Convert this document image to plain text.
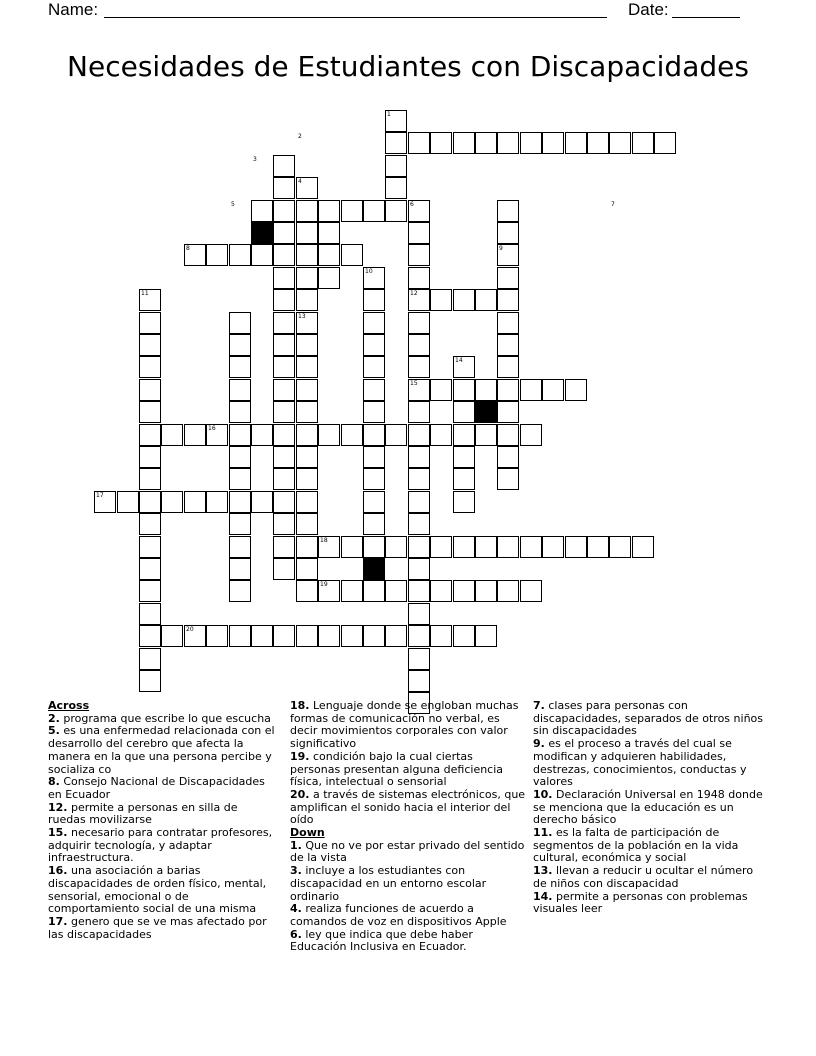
Name:	Date:
Necesidades de Estudiantes con Discapacidades
1
2
3
4
5	6	7
8	9
10
11	12
13
14
15
16
17
18
19
20
Across
2. programa que escribe lo que escucha
5. es una enfermedad relacionada con el desarrollo del cerebro que afecta la manera en la que una persona percibe y socializa co
8. Consejo Nacional de Discapacidades en Ecuador
12. permite a personas en silla de ruedas movilizarse
15. necesario para contratar profesores, adquirir tecnología, y adaptar infraestructura.
16. una asociación a barias discapacidades de orden físico, mental, sensorial, emocional o de comportamiento social de una misma
17. genero que se ve mas afectado por las discapacidades
18. Lenguaje donde se engloban muchas formas de comunicación no verbal, es decir movimientos corporales con valor significativo
19. condición bajo la cual ciertas personas presentan alguna deficiencia física, intelectual o sensorial
20. a través de sistemas electrónicos, que amplifican el sonido hacia el interior del oído
Down
1. Que no ve por estar privado del sentido de la vista
3. incluye a los estudiantes con discapacidad en un entorno escolar ordinario
4. realiza funciones de acuerdo a comandos de voz en dispositivos Apple
6. ley que indica que debe haber Educación Inclusiva en Ecuador.
7. clases para personas con discapacidades, separados de otros niños sin discapacidades
9. es el proceso a través del cual se modifican y adquieren habilidades, destrezas, conocimientos, conductas y valores
10. Declaración Universal en 1948 donde se menciona que la educación es un derecho básico
11. es la falta de participación de segmentos de la población en la vida cultural, económica y social
13. llevan a reducir u ocultar el número de niños con discapacidad
14. permite a personas con problemas visuales leer
